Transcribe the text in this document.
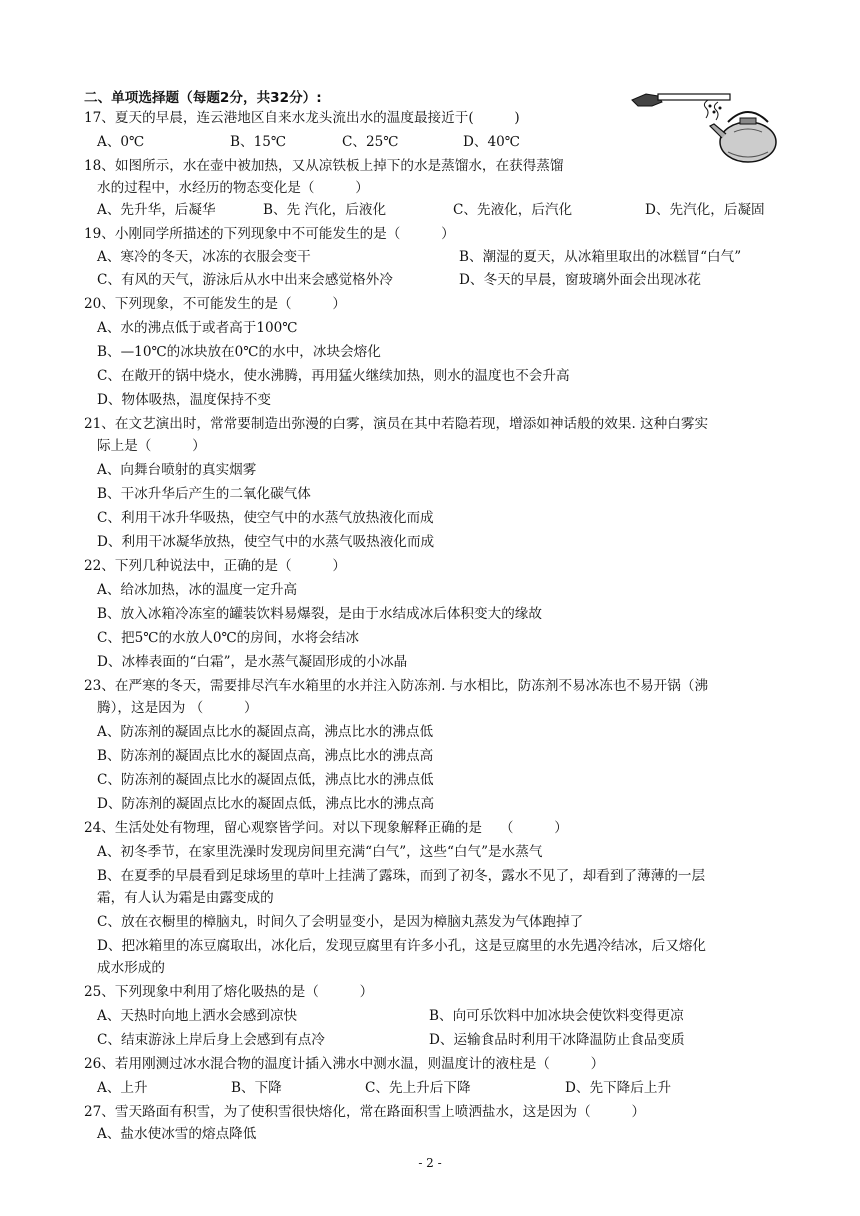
二、单项选择题（每题2分，共32分）:
17、夏天的早晨，连云港地区自来水龙头流出水的温度最接近于(　　　)
A、0℃	B、15℃	C、25℃	D、40℃
18、如图所示，水在壶中被加热，又从凉铁板上掉下的水是蒸馏水，在获得蒸馏
水的过程中，水经历的物态变化是（　　　）
A、先升华，后凝华	B、先 汽化，后液化	C、先液化，后汽化	D、先汽化，后凝固
19、小刚同学所描述的下列现象中不可能发生的是（　　　）
A、寒冷的冬天，冰冻的衣服会变干	B、潮湿的夏天，从冰箱里取出的冰糕冒“白气”
C、有风的天气，游泳后从水中出来会感觉格外冷	D、冬天的早晨，窗玻璃外面会出现冰花
20、下列现象，不可能发生的是（　　　）
A、水的沸点低于或者高于100℃
B、—10℃的冰块放在0℃的水中，冰块会熔化
C、在敞开的锅中烧水，使水沸腾，再用猛火继续加热，则水的温度也不会升高
D、物体吸热，温度保持不变
21、在文艺演出时，常常要制造出弥漫的白雾，演员在其中若隐若现，增添如神话般的效果. 这种白雾实
际上是（　　　）
A、向舞台喷射的真实烟雾
B、干冰升华后产生的二氧化碳气体
C、利用干冰升华吸热，使空气中的水蒸气放热液化而成
D、利用干冰凝华放热，使空气中的水蒸气吸热液化而成
22、下列几种说法中，正确的是（　　　）
A、给冰加热，冰的温度一定升高
B、放入冰箱冷冻室的罐装饮料易爆裂，是由于水结成冰后体积变大的缘故
C、把5℃的水放人0℃的房间，水将会结冰
D、冰棒表面的“白霜”，是水蒸气凝固形成的小冰晶
23、在严寒的冬天，需要排尽汽车水箱里的水并注入防冻剂. 与水相比，防冻剂不易冰冻也不易开锅（沸
腾），这是因为 （　　　）
A、防冻剂的凝固点比水的凝固点高，沸点比水的沸点低
B、防冻剂的凝固点比水的凝固点高，沸点比水的沸点高
C、防冻剂的凝固点比水的凝固点低，沸点比水的沸点低
D、防冻剂的凝固点比水的凝固点低，沸点比水的沸点高
24、生活处处有物理，留心观察皆学问。对以下现象解释正确的是　 （　　　）
A、初冬季节，在家里洗澡时发现房间里充满“白气”，这些“白气”是水蒸气
B、在夏季的早晨看到足球场里的草叶上挂满了露珠，而到了初冬，露水不见了，却看到了薄薄的一层
霜，有人认为霜是由露变成的
C、放在衣橱里的樟脑丸，时间久了会明显变小，是因为樟脑丸蒸发为气体跑掉了
D、把冰箱里的冻豆腐取出，冰化后，发现豆腐里有许多小孔，这是豆腐里的水先遇冷结冰，后又熔化
成水形成的
25、下列现象中利用了熔化吸热的是（　　　）
A、天热时向地上洒水会感到凉快	B、向可乐饮料中加冰块会使饮料变得更凉
C、结束游泳上岸后身上会感到有点冷	D、运输食品时利用干冰降温防止食品变质
26、若用刚测过冰水混合物的温度计插入沸水中测水温，则温度计的液柱是（　　　）
A、上升	B、下降	C、先上升后下降	D、先下降后上升
27、雪天路面有积雪，为了使积雪很快熔化，常在路面积雪上喷洒盐水，这是因为（　　　）
A、盐水使冰雪的熔点降低
- 2 -
